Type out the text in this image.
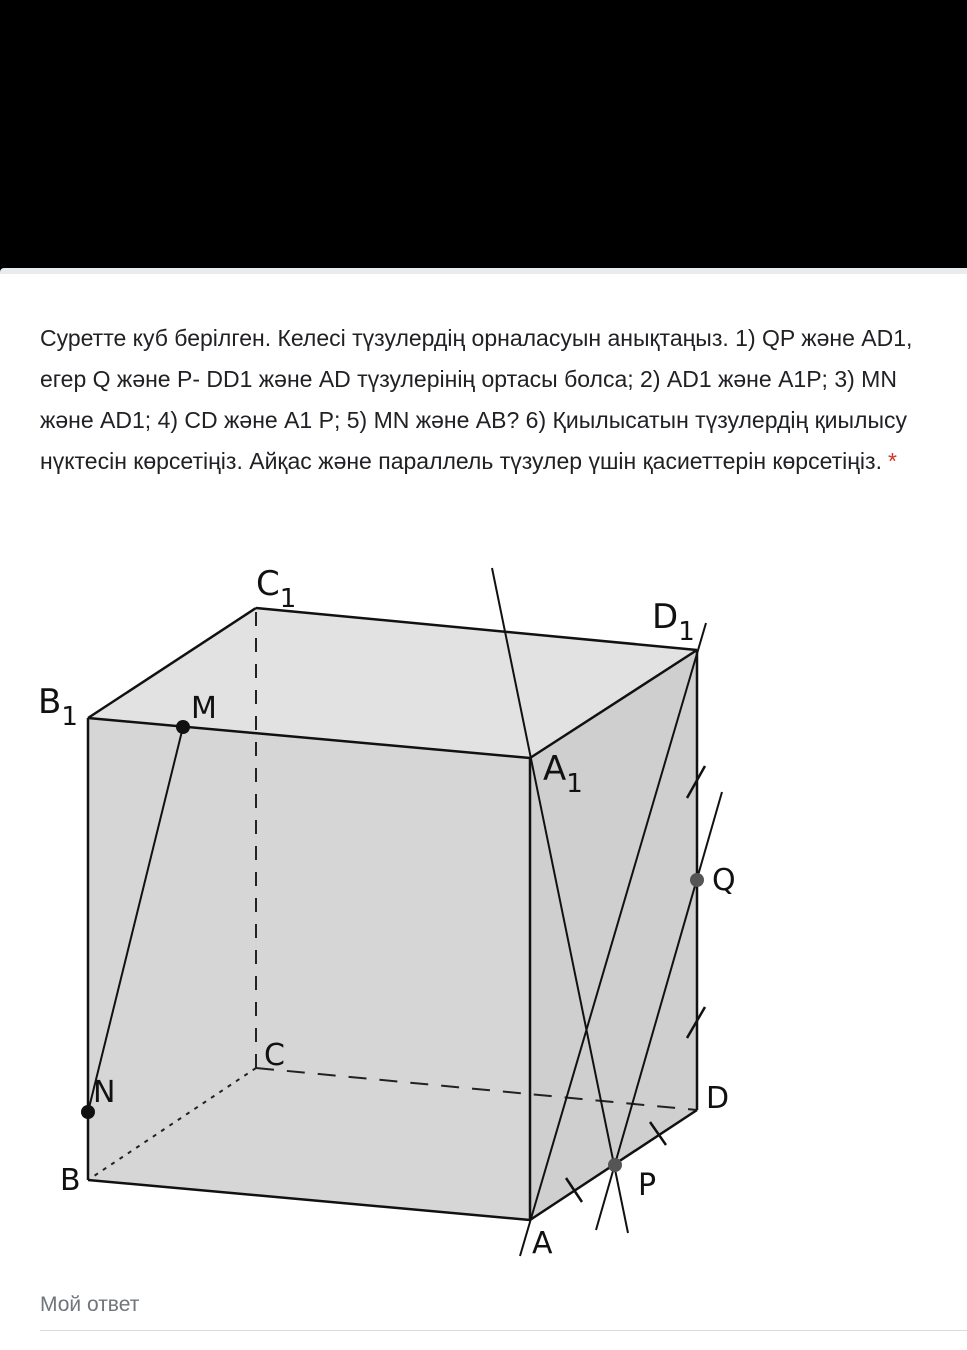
Суретте куб берілген. Келесі түзулердің орналасуын анықтаңыз. 1) QP және AD1, егер Q және P- DD1 және AD түзулерінің ортасы болса; 2) AD1 және A1P; 3) MN және AD1; 4) CD және A1 P; 5) MN және AB? 6) Қиылысатын түзулердің қиылысу нүктесін көрсетіңіз. Айқас және параллель түзулер үшін қасиеттерін көрсетіңіз. *
$C_1$	$D_1$
$B_1$
$A_1$
M
Q
C
N	D
B	P
A
Мой ответ
